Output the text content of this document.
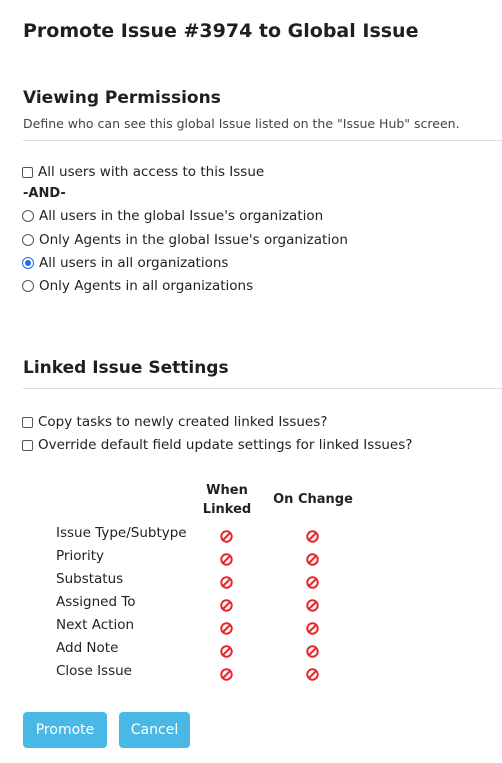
Promote Issue #3974 to Global Issue
Viewing Permissions
Define who can see this global Issue listed on the "Issue Hub" screen.
All users with access to this Issue
-AND-
All users in the global Issue's organization
Only Agents in the global Issue's organization
All users in all organizations
Only Agents in all organizations
Linked Issue Settings
Copy tasks to newly created linked Issues?
Override default field update settings for linked Issues?
When
Linked
On Change
Issue Type/Subtype
Priority
Substatus
Assigned To
Next Action
Add Note
Close Issue
Promote	Cancel
